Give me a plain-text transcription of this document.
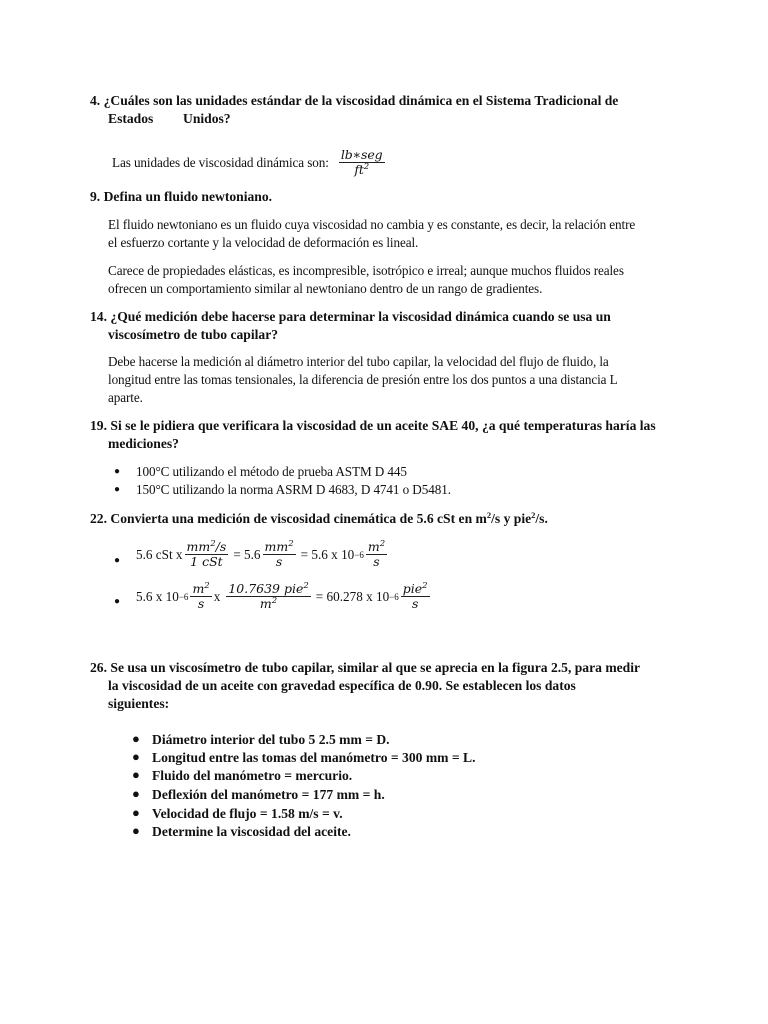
4. ¿Cuáles son las unidades estándar de la viscosidad dinámica en el Sistema Tradicional de
Estados Unidos?
Las unidades de viscosidad dinámica son: $\frac{\text{lb∗seg}}{ft^2}$
9. Defina un fluido newtoniano.
El fluido newtoniano es un fluido cuya viscosidad no cambia y es constante, es decir, la relación entre
el esfuerzo cortante y la velocidad de deformación es lineal.
Carece de propiedades elásticas, es incompresible, isotrópico e irreal; aunque muchos fluidos reales
ofrecen un comportamiento similar al newtoniano dentro de un rango de gradientes.
14. ¿Qué medición debe hacerse para determinar la viscosidad dinámica cuando se usa un
viscosímetro de tubo capilar?
Debe hacerse la medición al diámetro interior del tubo capilar, la velocidad del flujo de fluido, la
longitud entre las tomas tensionales, la diferencia de presión entre los dos puntos a una distancia L
aparte.
19. Si se le pidiera que verificara la viscosidad de un aceite SAE 40, ¿a qué temperaturas haría las
mediciones?
● 100°C utilizando el método de prueba ASTM D 445
● 150°C utilizando la norma ASRM D 4683, D 4741 o D5481.
22. Convierta una medición de viscosidad cinemática de 5.6 cSt en $m^2/s$ y pie$^2$/s.
● 5.6 cSt x $\frac{mm^2/s}{\text{1 cSt}} = 5.6 \frac{mm^2}{s} = 5.6$ x $10 -6 \frac{m^2}{s}$
● 5.6 x $10 -6 \frac{m^2}{s}$ x $\frac{10.7639 pie^2}{m^2} = 60.278$ x $10 -6 \frac{pie^2}{s}$
26. Se usa un viscosímetro de tubo capilar, similar al que se aprecia en la figura 2.5, para medir
la viscosidad de un aceite con gravedad específica de 0.90. Se establecen los datos
siguientes:
● Diámetro interior del tubo 5 2.5 mm = D.
● Longitud entre las tomas del manómetro = 300 mm = L.
● Fluido del manómetro = mercurio.
● Deflexión del manómetro = 177 mm = h.
● Velocidad de flujo = 1.58 m/s = v.
● Determine la viscosidad del aceite.
